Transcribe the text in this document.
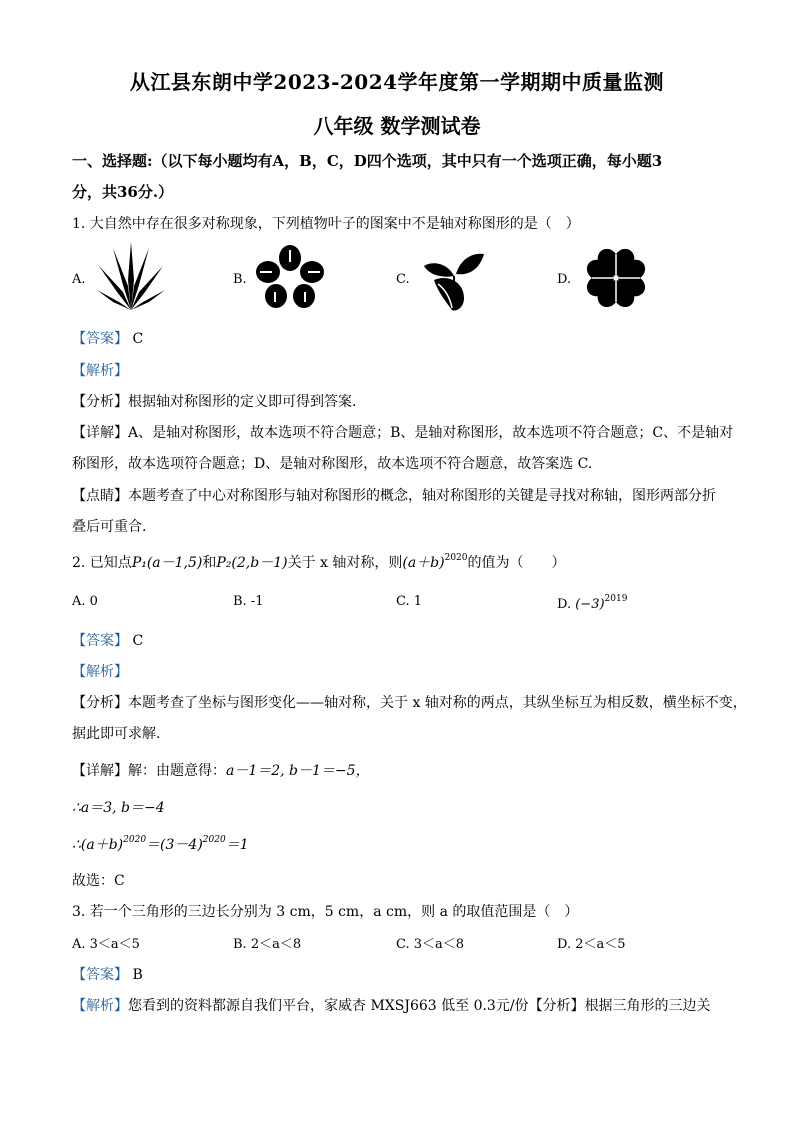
从江县东朗中学2023-2024学年度第一学期期中质量监测
八年级 数学测试卷
一、选择题:（以下每小题均有A，B，C，D四个选项，其中只有一个选项正确，每小题3
分，共36分.）
1. 大自然中存在很多对称现象，下列植物叶子的图案中不是轴对称图形的是（　）
A.	B.	C.	D.
【答案】 C
【解析】
【分析】根据轴对称图形的定义即可得到答案.
【详解】A、是轴对称图形，故本选项不符合题意；B、是轴对称图形，故本选项不符合题意；C、不是轴对
称图形，故本选项符合题意；D、是轴对称图形，故本选项不符合题意，故答案选 C.
【点睛】本题考查了中心对称图形与轴对称图形的概念，轴对称图形的关键是寻找对称轴，图形两部分折
叠后可重合.
2. 已知点P₁(a－1,5)和P₂(2,b－1)关于 x 轴对称，则$(a+b)^{2020}$的值为（　　）
A. 0	B. -1	C. 1	D. $(-3)^{2019}$
【答案】 C
【解析】
【分析】本题考查了坐标与图形变化——轴对称，关于 x 轴对称的两点，其纵坐标互为相反数，横坐标不变，
据此即可求解.
【详解】解：由题意得：a－1＝2, b－1＝−5，
∴a＝3, b＝−4
$\therefore(a+b)^{2020}=(3-4)^{2020}=1$
故选：C
3. 若一个三角形的三边长分别为 3 cm，5 cm，a cm，则 a 的取值范围是（　）
A. 3＜a＜5	B. 2＜a＜8	C. 3＜a＜8	D. 2＜a＜5
【答案】 B
【解析】您看到的资料都源自我们平台，家威杏 MXSJ663 低至 0.3元/份【分析】根据三角形的三边关
